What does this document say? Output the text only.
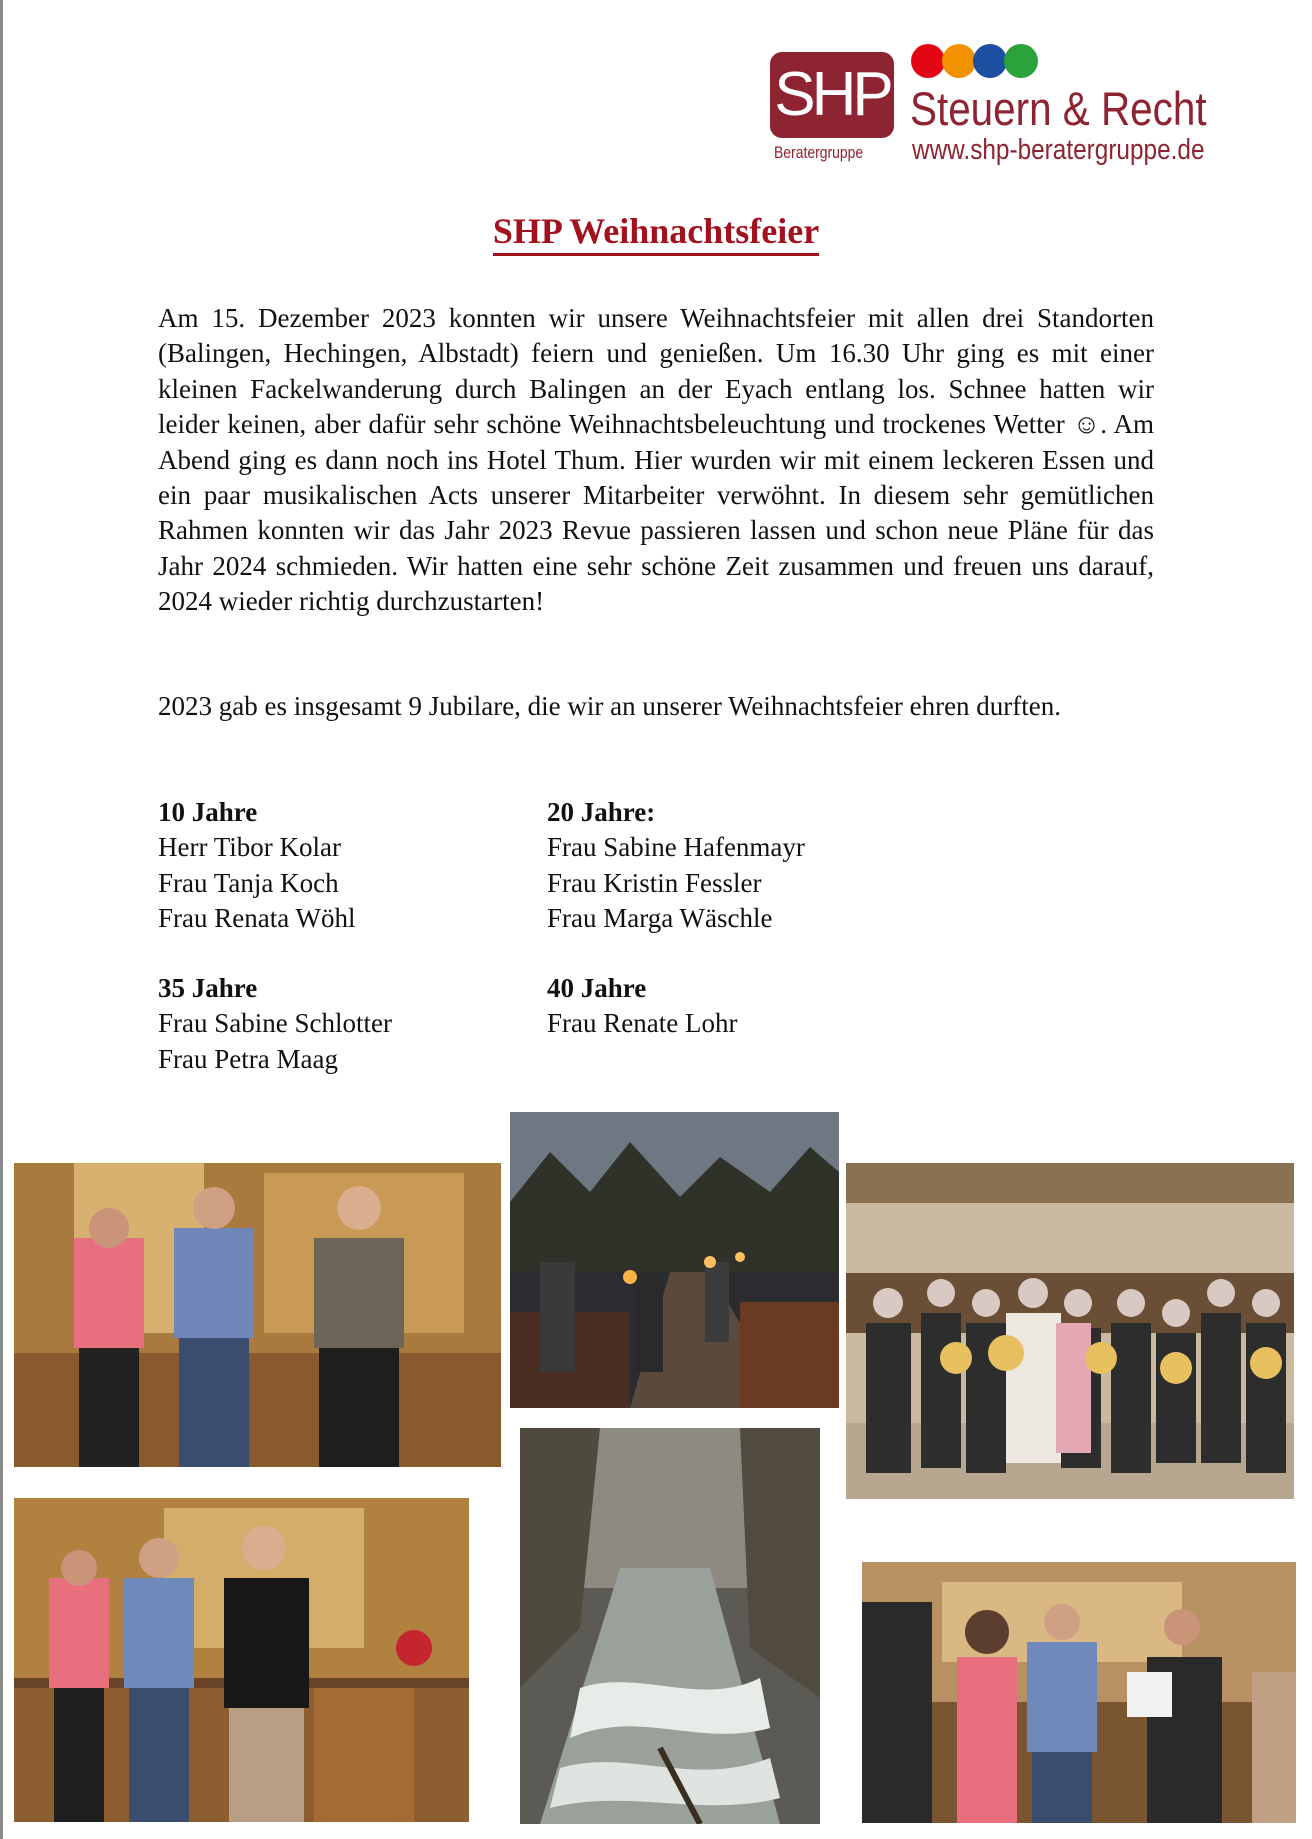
SHP
Beratergruppe
Steuern & Recht
www.shp-beratergruppe.de
SHP Weihnachtsfeier

Am 15. Dezember 2023 konnten wir unsere Weihnachtsfeier mit allen drei Standorten (Balingen, Hechingen, Albstadt) feiern und genießen. Um 16.30 Uhr ging es mit einer kleinen Fackelwanderung durch Balingen an der Eyach entlang los. Schnee hatten wir leider keinen, aber dafür sehr schöne Weihnachtsbeleuchtung und trockenes Wetter ☺. Am Abend ging es dann noch ins Hotel Thum. Hier wurden wir mit einem leckeren Essen und ein paar musikalischen Acts unserer Mitarbeiter verwöhnt. In diesem sehr gemütlichen Rahmen konnten wir das Jahr 2023 Revue passieren lassen und schon neue Pläne für das Jahr 2024 schmieden. Wir hatten eine sehr schöne Zeit zusammen und freuen uns darauf, 2024 wieder richtig durchzustarten!

2023 gab es insgesamt 9 Jubilare, die wir an unserer Weihnachtsfeier ehren durften.

10 Jahre
Herr Tibor Kolar
Frau Tanja Koch
Frau Renata Wöhl
20 Jahre:
Frau Sabine Hafenmayr
Frau Kristin Fessler
Frau Marga Wäschle
35 Jahre
Frau Sabine Schlotter
Frau Petra Maag
40 Jahre
Frau Renate Lohr
